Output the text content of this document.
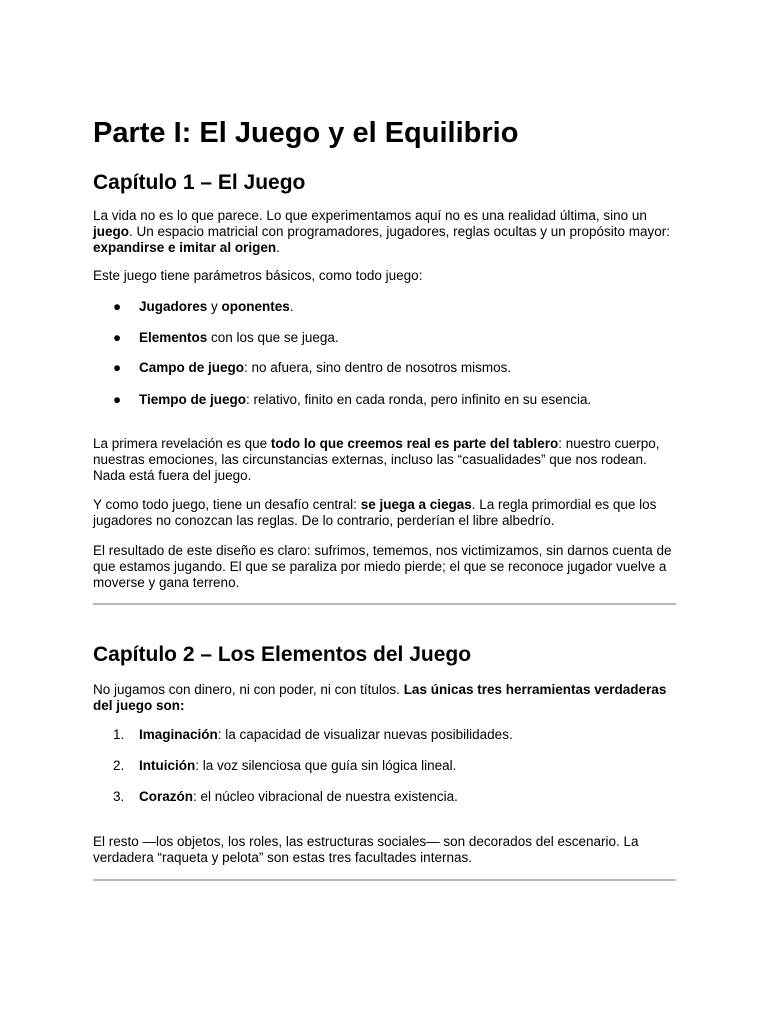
Parte I: El Juego y el Equilibrio
Capítulo 1 – El Juego

La vida no es lo que parece. Lo que experimentamos aquí no es una realidad última, sino un juego. Un espacio matricial con programadores, jugadores, reglas ocultas y un propósito mayor: expandirse e imitar al origen.

Este juego tiene parámetros básicos, como todo juego:

●	Jugadores y oponentes.
●	Elementos con los que se juega.
●	Campo de juego: no afuera, sino dentro de nosotros mismos.
●	Tiempo de juego: relativo, finito en cada ronda, pero infinito en su esencia.

La primera revelación es que todo lo que creemos real es parte del tablero: nuestro cuerpo, nuestras emociones, las circunstancias externas, incluso las “casualidades” que nos rodean. Nada está fuera del juego.

Y como todo juego, tiene un desafío central: se juega a ciegas. La regla primordial es que los jugadores no conozcan las reglas. De lo contrario, perderían el libre albedrío.

El resultado de este diseño es claro: sufrimos, tememos, nos victimizamos, sin darnos cuenta de que estamos jugando. El que se paraliza por miedo pierde; el que se reconoce jugador vuelve a moverse y gana terreno.

Capítulo 2 – Los Elementos del Juego

No jugamos con dinero, ni con poder, ni con títulos. Las únicas tres herramientas verdaderas del juego son:

1.	Imaginación: la capacidad de visualizar nuevas posibilidades.
2.	Intuición: la voz silenciosa que guía sin lógica lineal.
3.	Corazón: el núcleo vibracional de nuestra existencia.

El resto —los objetos, los roles, las estructuras sociales— son decorados del escenario. La verdadera “raqueta y pelota” son estas tres facultades internas.
